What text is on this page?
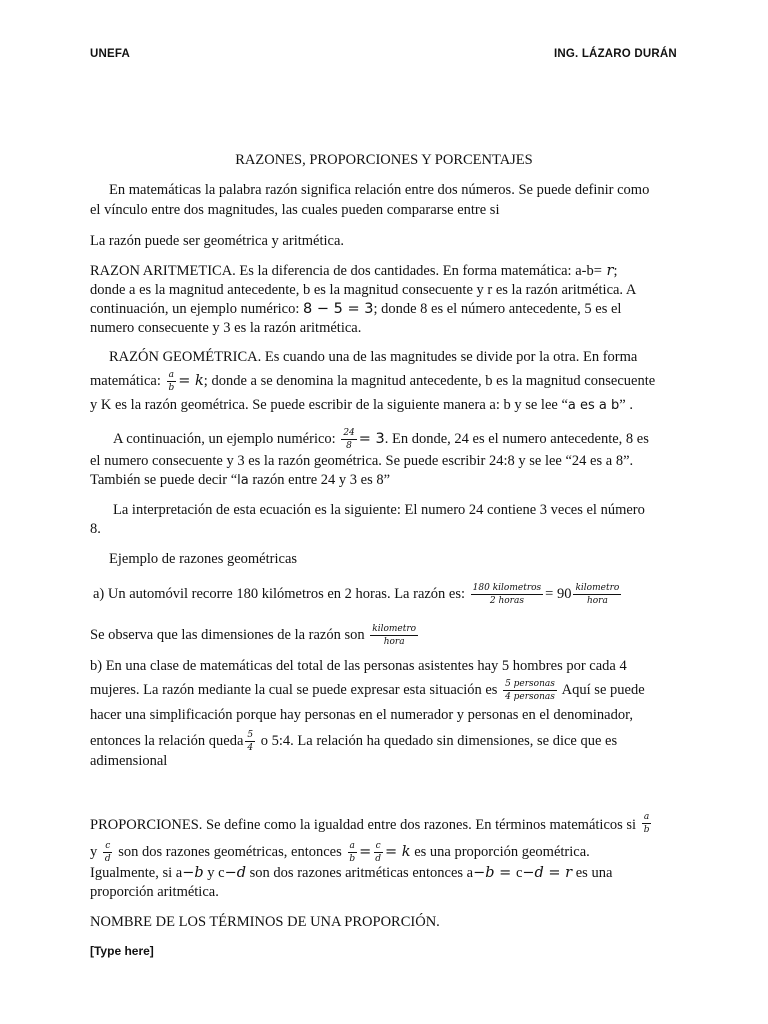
UNEFA	ING. LÁZARO DURÁN
RAZONES, PROPORCIONES Y PORCENTAJES
En matemáticas la palabra razón significa relación entre dos números. Se puede definir como
el vínculo entre dos magnitudes, las cuales pueden compararse entre si
La razón puede ser geométrica y aritmética.
RAZON ARITMETICA. Es la diferencia de dos cantidades. En forma matemática: a-b= r;
donde a es la magnitud antecedente, b es la magnitud consecuente y r es la razón aritmética. A
continuación, un ejemplo numérico: 8 − 5 = 3; donde 8 es el número antecedente, 5 es el
numero consecuente y 3 es la razón aritmética.
RAZÓN GEOMÉTRICA. Es cuando una de las magnitudes se divide por la otra. En forma
matemática: $\frac{a}{b} = k$; donde a se denomina la magnitud antecedente, b es la magnitud consecuente
y K es la razón geométrica. Se puede escribir de la siguiente manera a: b y se lee “a es a b” .
A continuación, un ejemplo numérico: $\frac{24}{8} = 3$. En donde, 24 es el numero antecedente, 8 es
el numero consecuente y 3 es la razón geométrica. Se puede escribir 24:8 y se lee “24 es a 8”.
También se puede decir “la razón entre 24 y 3 es 8”
La interpretación de esta ecuación es la siguiente: El numero 24 contiene 3 veces el número
8.
Ejemplo de razones geométricas
a) Un automóvil recorre 180 kilómetros en 2 horas. La razón es: $\frac{\text{180 kilometros}}{\text{2 horas}} = 90 \frac{\text{kilometro}}{\text{hora}}$
Se observa que las dimensiones de la razón son $\frac{\text{kilometro}}{\text{hora}}$
b) En una clase de matemáticas del total de las personas asistentes hay 5 hombres por cada 4
mujeres. La razón mediante la cual se puede expresar esta situación es $\frac{\text{5 personas}}{\text{4 personas}}$ Aquí se puede
hacer una simplificación porque hay personas en el numerador y personas en el denominador,
entonces la relación queda $\frac{5}{4}$ o 5:4. La relación ha quedado sin dimensiones, se dice que es
adimensional
PROPORCIONES. Se define como la igualdad entre dos razones. En términos matemáticos si $\frac{a}{b}$
y $\frac{c}{d}$ son dos razones geométricas, entonces $\frac{a}{b} = \frac{c}{d} = k$ es una proporción geométrica.
Igualmente, si a−b y c−d son dos razones aritméticas entonces a−b = c−d = r es una
proporción aritmética.
NOMBRE DE LOS TÉRMINOS DE UNA PROPORCIÓN.
[Type here]
